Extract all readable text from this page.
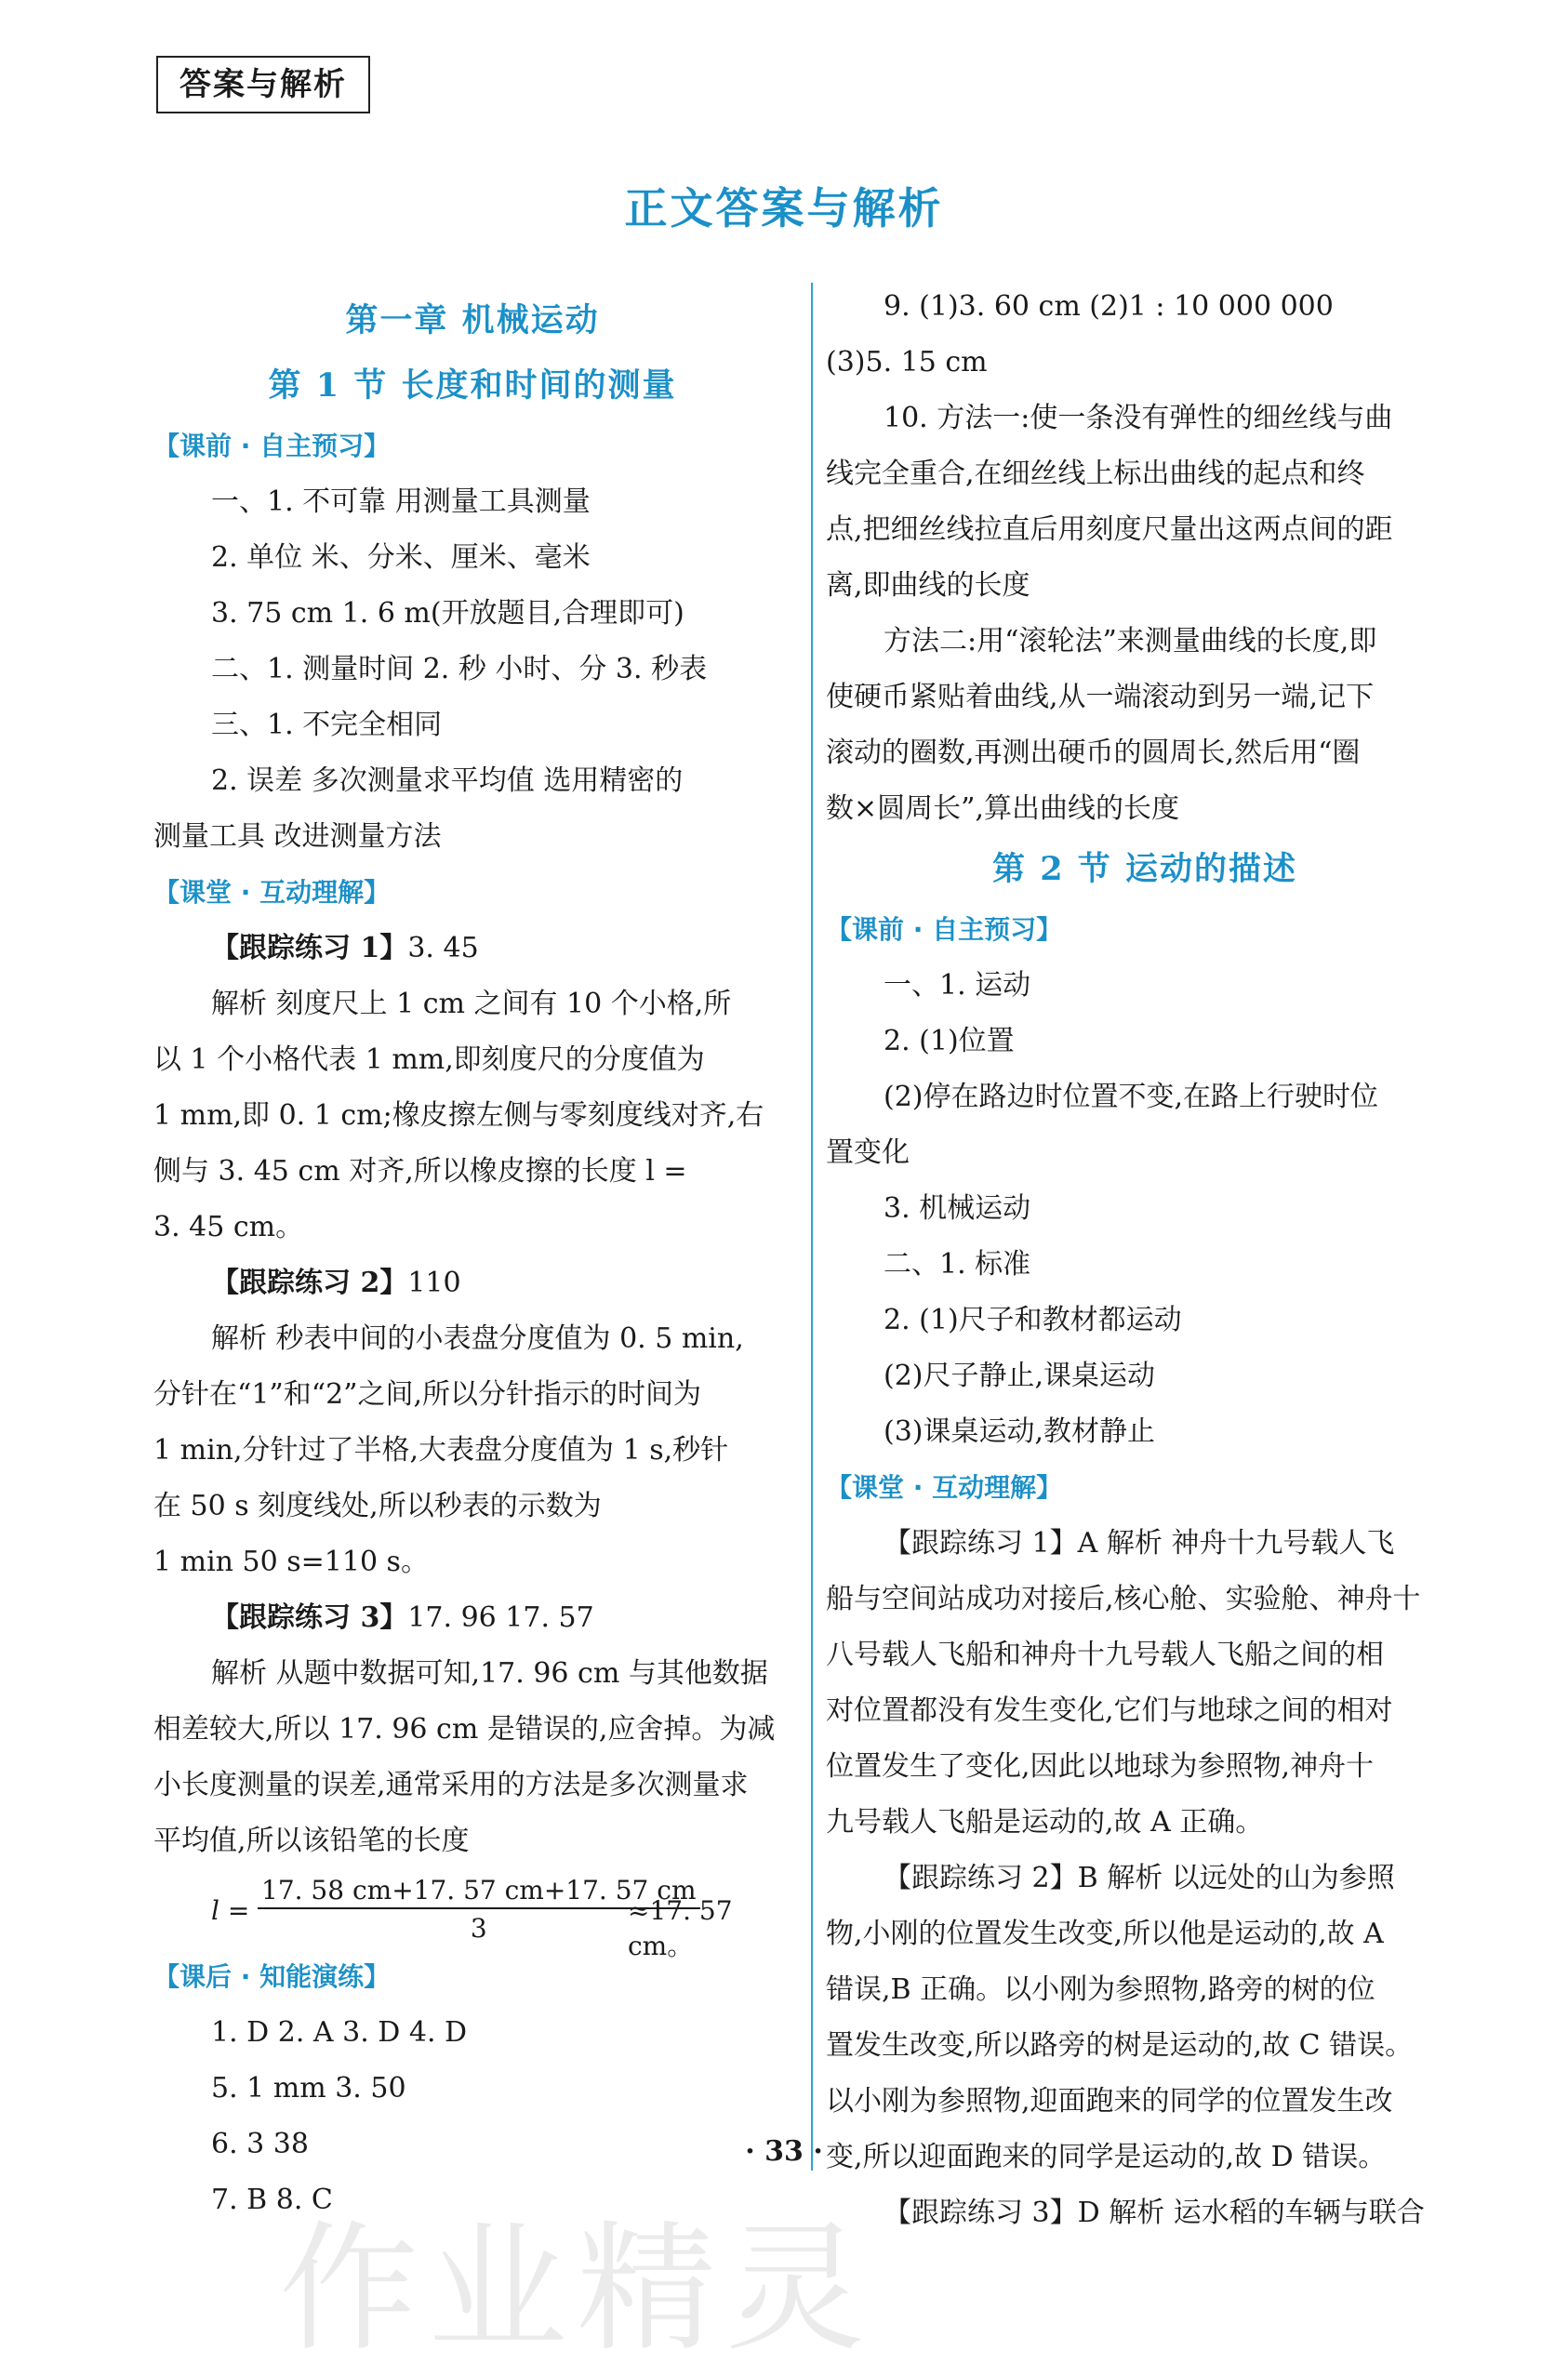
答案与解析
正文答案与解析
第一章 机械运动
第 1 节 长度和时间的测量
【课前 · 自主预习】
一、1. 不可靠 用测量工具测量
2. 单位 米、分米、厘米、毫米
3. 75 cm 1. 6 m(开放题目,合理即可)
二、1. 测量时间 2. 秒 小时、分 3. 秒表
三、1. 不完全相同
2. 误差 多次测量求平均值 选用精密的
测量工具 改进测量方法
【课堂 · 互动理解】
【跟踪练习 1】3. 45
解析 刻度尺上 1 cm 之间有 10 个小格,所
以 1 个小格代表 1 mm,即刻度尺的分度值为
1 mm,即 0. 1 cm;橡皮擦左侧与零刻度线对齐,右
侧与 3. 45 cm 对齐,所以橡皮擦的长度 l =
3. 45 cm。
【跟踪练习 2】110
解析 秒表中间的小表盘分度值为 0. 5 min,
分针在“1”和“2”之间,所以分针指示的时间为
1 min,分针过了半格,大表盘分度值为 1 s,秒针
在 50 s 刻度线处,所以秒表的示数为
1 min 50 s=110 s。
【跟踪练习 3】17. 96 17. 57
解析 从题中数据可知,17. 96 cm 与其他数据
相差较大,所以 17. 96 cm 是错误的,应舍掉。为减
小长度测量的误差,通常采用的方法是多次测量求
平均值,所以该铅笔的长度
$l = \frac{17. 58 cm+17. 57 cm+17. 57 cm}{3}$
≈17. 57 cm。
【课后 · 知能演练】
1. D 2. A 3. D 4. D
5. 1 mm 3. 50
6. 3 38
7. B 8. C
9. (1)3. 60 cm (2)1 : 10 000 000
(3)5. 15 cm
10. 方法一:使一条没有弹性的细丝线与曲
线完全重合,在细丝线上标出曲线的起点和终
点,把细丝线拉直后用刻度尺量出这两点间的距
离,即曲线的长度
方法二:用“滚轮法”来测量曲线的长度,即
使硬币紧贴着曲线,从一端滚动到另一端,记下
滚动的圈数,再测出硬币的圆周长,然后用“圈
数×圆周长”,算出曲线的长度
第 2 节 运动的描述
【课前 · 自主预习】
一、1. 运动
2. (1)位置
(2)停在路边时位置不变,在路上行驶时位
置变化
3. 机械运动
二、1. 标准
2. (1)尺子和教材都运动
(2)尺子静止,课桌运动
(3)课桌运动,教材静止
【课堂 · 互动理解】
【跟踪练习 1】A 解析 神舟十九号载人飞
船与空间站成功对接后,核心舱、实验舱、神舟十
八号载人飞船和神舟十九号载人飞船之间的相
对位置都没有发生变化,它们与地球之间的相对
位置发生了变化,因此以地球为参照物,神舟十
九号载人飞船是运动的,故 A 正确。
【跟踪练习 2】B 解析 以远处的山为参照
物,小刚的位置发生改变,所以他是运动的,故 A
错误,B 正确。以小刚为参照物,路旁的树的位
置发生改变,所以路旁的树是运动的,故 C 错误。
以小刚为参照物,迎面跑来的同学的位置发生改
变,所以迎面跑来的同学是运动的,故 D 错误。
【跟踪练习 3】D 解析 运水稻的车辆与联合
· 33 ·
作业精灵
